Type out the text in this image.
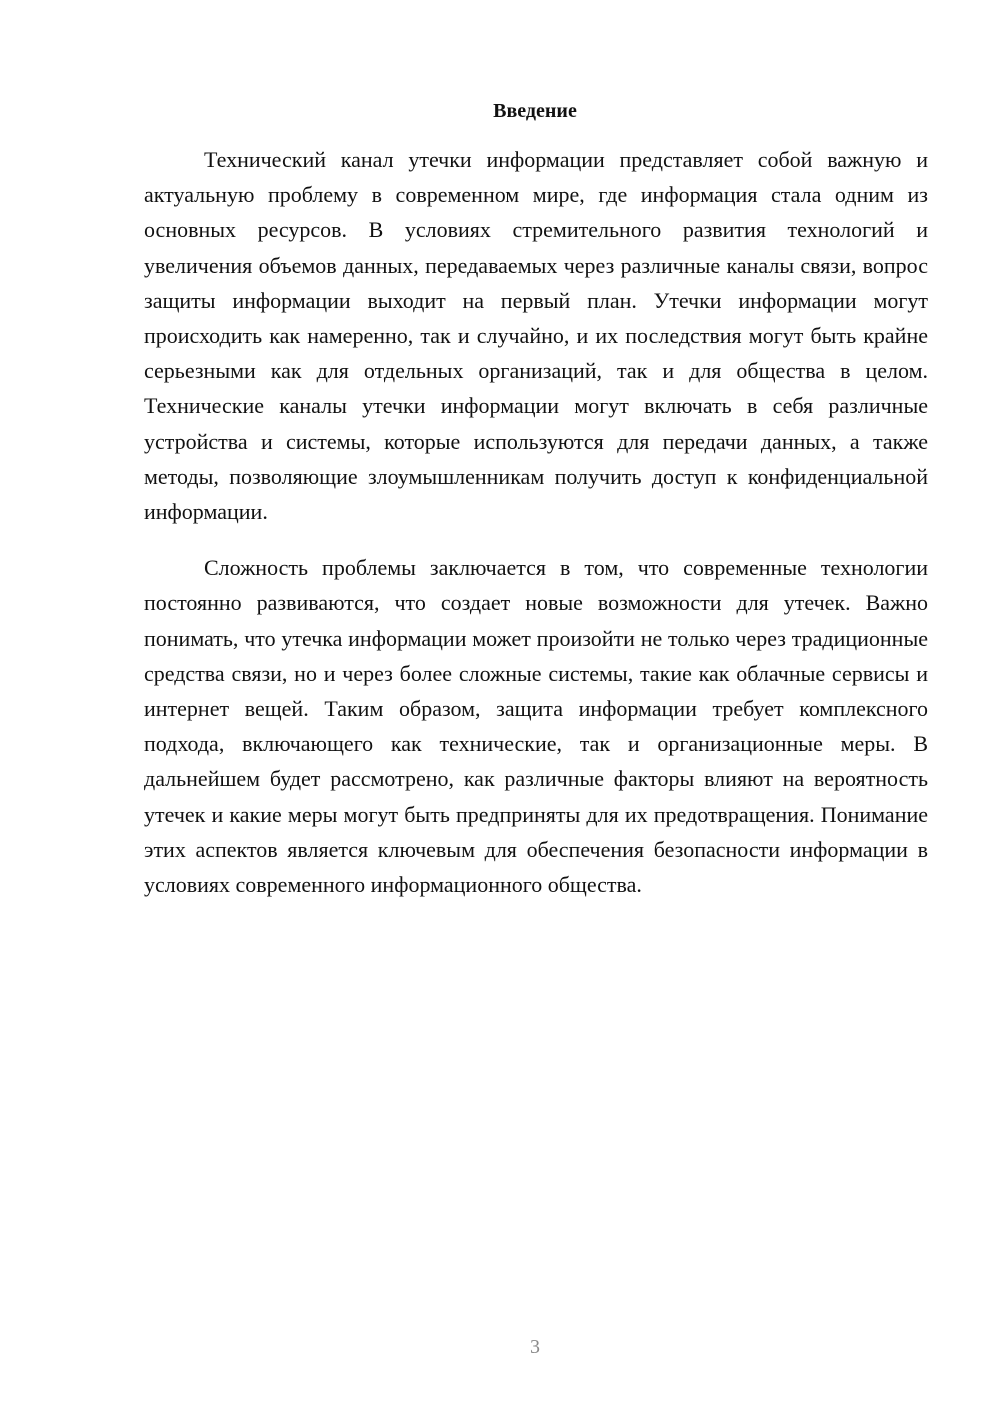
Введение

Технический канал утечки информации представляет собой важную и актуальную проблему в современном мире, где информация стала одним из основных ресурсов. В условиях стремительного развития технологий и увеличения объемов данных, передаваемых через различные каналы связи, вопрос защиты информации выходит на первый план. Утечки информации могут происходить как намеренно, так и случайно, и их последствия могут быть крайне серьезными как для отдельных организаций, так и для общества в целом. Технические каналы утечки информации могут включать в себя различные устройства и системы, которые используются для передачи данных, а также методы, позволяющие злоумышленникам получить доступ к конфиденциальной информации.

Сложность проблемы заключается в том, что современные технологии постоянно развиваются, что создает новые возможности для утечек. Важно понимать, что утечка информации может произойти не только через традиционные средства связи, но и через более сложные системы, такие как облачные сервисы и интернет вещей. Таким образом, защита информации требует комплексного подхода, включающего как технические, так и организационные меры. В дальнейшем будет рассмотрено, как различные факторы влияют на вероятность утечек и какие меры могут быть предприняты для их предотвращения. Понимание этих аспектов является ключевым для обеспечения безопасности информации в условиях современного информационного общества.

3
